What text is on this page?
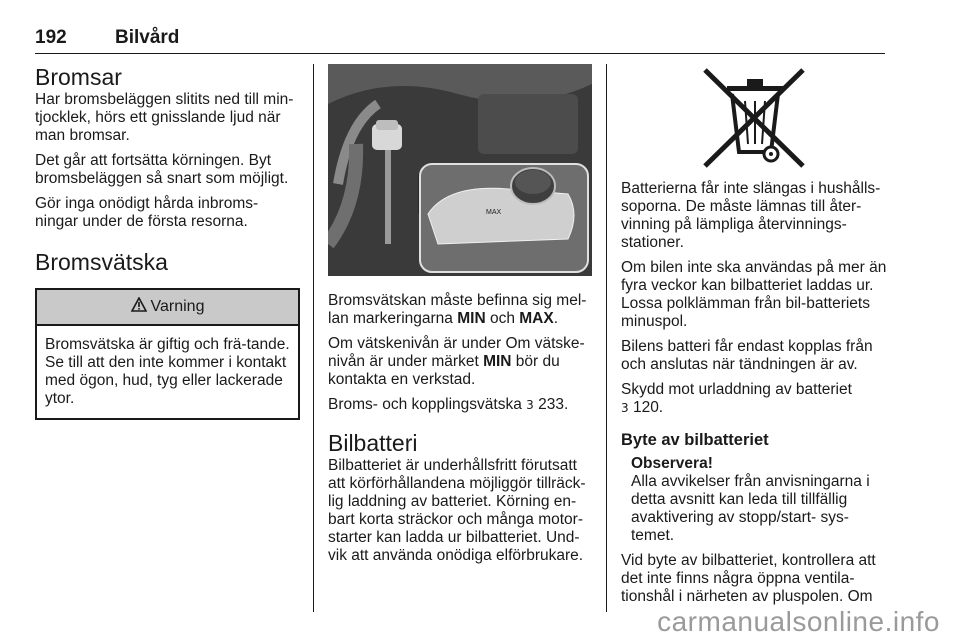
192	Bilvård
Bromsar

Har bromsbeläggen slitits ned till min-tjocklek, hörs ett gnisslande ljud när man bromsar.

Det går att fortsätta körningen. Byt bromsbeläggen så snart som möjligt.

Gör inga onödigt hårda inbroms-ningar under de första resorna.

Bromsvätska
Varning
Bromsvätska är giftig och frä-tande. Se till att den inte kommer i kontakt med ögon, hud, tyg eller lackerade ytor.
MAX

Bromsvätskan måste befinna sig mel-lan markeringarna MIN och MAX.

Om vätskenivån är under Om vätske-nivån är under märket MIN bör du kontakta en verkstad.

Broms- och kopplingsvätska 3 233.

Bilbatteri

Bilbatteriet är underhållsfritt förutsatt att körförhållandena möjliggör tillräck-lig laddning av batteriet. Körning en-bart korta sträckor och många motor-starter kan ladda ur bilbatteriet. Und-vik att använda onödiga elförbrukare.

Batterierna får inte slängas i hushålls-soporna. De måste lämnas till åter-vinning på lämpliga återvinnings-stationer.

Om bilen inte ska användas på mer än fyra veckor kan bilbatteriet laddas ur. Lossa polklämman från bil-batteriets minuspol.

Bilens batteri får endast kopplas från och anslutas när tändningen är av.

Skydd mot urladdning av batteriet
3 120.

Byte av bilbatteriet
Observera!
Alla avvikelser från anvisningarna i detta avsnitt kan leda till tillfällig avaktivering av stopp/start- sys-temet.

Vid byte av bilbatteriet, kontrollera att det inte finns några öppna ventila-tionshål i närheten av pluspolen. Om

carmanualsonline.info
